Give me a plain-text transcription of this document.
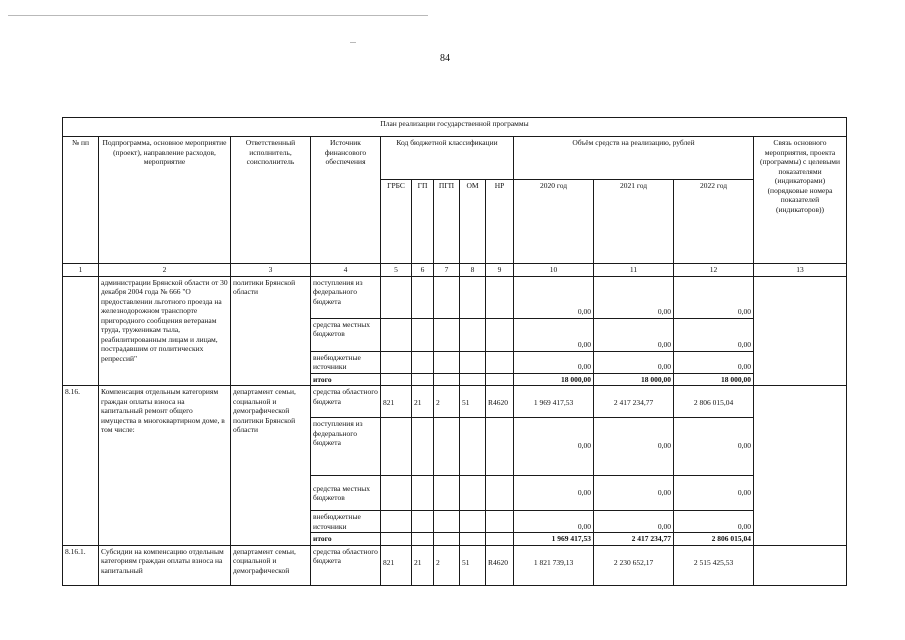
84
План реализации государственной программы												
№ пп	Подпрограмма, основное мероприятие (проект), направление расходов, мероприятие	Ответственный исполнитель, соисполнитель	Источник финансового обеспечения	Код бюджетной классификации					Объём средств на реализацию, рублей			Связь основного мероприятия, проекта (программы) с целевыми показателями (индикаторами) (порядковые номера показателей (индикаторов))
				ГРБС	ГП	ПГП	ОМ	НР	2020 год	2021 год	2022 год	
1	2	3	4	5	6	7	8	9	10	11	12	13
	администрации Брянской области от 30 декабря 2004 года № 666 "О предоставлении льготного проезда на железнодорожном транспорте пригородного сообщения ветеранам труда, труженикам тыла, реабилитированным лицам и лицам, пострадавшим от политических репрессий"	политики Брянской области	поступления из федерального бюджета						0,00	0,00	0,00	
			средства местных бюджетов						0,00	0,00	0,00	
			внебюджетные источники						0,00	0,00	0,00	
			итого						18 000,00	18 000,00	18 000,00	
8.16.	Компенсация отдельным категориям граждан оплаты взноса на капитальный ремонт общего имущества в многоквартирном доме, в том числе:	департамент семьи, социальной и демографической политики Брянской области	средства областного бюджета	821	21	2	51	R4620	1 969 417,53	2 417 234,77	2 806 015,04	
			поступления из федерального бюджета						0,00	0,00	0,00	
			средства местных бюджетов						0,00	0,00	0,00	
			внебюджетные источники						0,00	0,00	0,00	
			итого						1 969 417,53	2 417 234,77	2 806 015,04	
8.16.1.	Субсидии на компенсацию отдельным категориям граждан оплаты взноса на капитальный	департамент семьи, социальной и демографической	средства областного бюджета	821	21	2	51	R4620	1 821 739,13	2 230 652,17	2 515 425,53	
